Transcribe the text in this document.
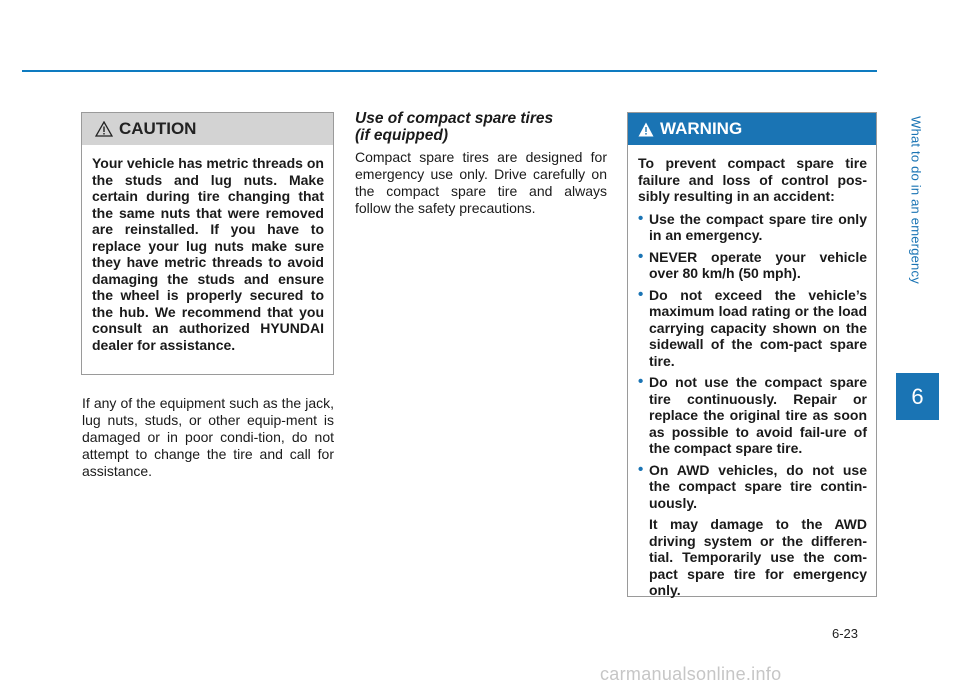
CAUTION
Your vehicle has metric threads on the studs and lug nuts. Make certain during tire changing that the same nuts that were removed are reinstalled. If you have to replace your lug nuts make sure they have metric threads to avoid damaging the studs and ensure the wheel is properly secured to the hub. We recommend that you consult an authorized HYUNDAI dealer for assistance.
If any of the equipment such as the jack, lug nuts, studs, or other equip-ment is damaged or in poor condi-tion, do not attempt to change the tire and call for assistance.
Use of compact spare tires
(if equipped)
Compact spare tires are designed for emergency use only. Drive carefully on the compact spare tire and always follow the safety precautions.
WARNING

To prevent compact spare tire failure and loss of control pos-sibly resulting in an accident:

• Use the compact spare tire only in an emergency.
• NEVER operate your vehicle over 80 km/h (50 mph).
• Do not exceed the vehicle’s maximum load rating or the load carrying capacity shown on the sidewall of the com-pact spare tire.
• Do not use the compact spare tire continuously. Repair or replace the original tire as soon as possible to avoid fail-ure of the compact spare tire.
• On AWD vehicles, do not use the compact spare tire contin-uously.
It may damage to the AWD driving system or the differen-tial. Temporarily use the com-pact spare tire for emergency only.
What to do in an emergency
6
6-23
carmanualsonline.info
